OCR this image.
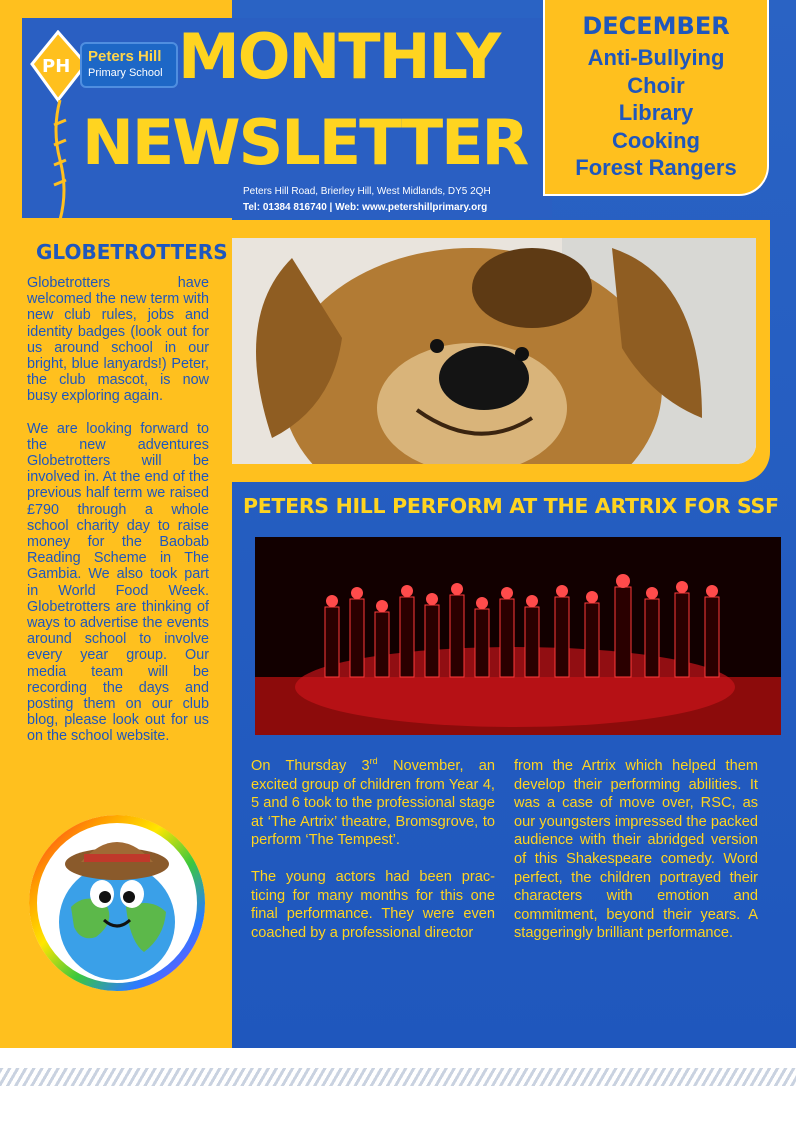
PH Peters Hill
Primary School MONTHLY
NEWSLETTER
Peters Hill Road, Brierley Hill, West Midlands, DY5 2QH
Tel: 01384 816740 | Web: www.petershillprimary.org
DECEMBER
Anti-Bullying
Choir
Library
Cooking
Forest Rangers
GLOBETROTTERS

Globetrotters have welcomed the new term with new club rules, jobs and identity badges (look out for us around school in our bright, blue lanyards!) Peter, the club mascot, is now busy exploring again.

We are looking forward to the new adventures Globetrotters will be involved in. At the end of the previous half term we raised £790 through a whole school charity day to raise money for the Baobab Reading Scheme in The Gambia. We also took part in World Food Week. Globetrotters are thinking of ways to advertise the events around school to involve every year group. Our media team will be recording the days and posting them on our club blog, please look out for us on the school website.

PETERS HILL PERFORM AT THE ARTRIX FOR SSF

On Thursday 3rd November, an excited group of children from Year 4, 5 and 6 took to the professional stage at ‘The Artrix’ theatre, Bromsgrove, to perform ‘The Tempest’.

The young actors had been prac-ticing for many months for this one final performance. They were even coached by a professional director

from the Artrix which helped them develop their performing abilities. It was a case of move over, RSC, as our youngsters impressed the packed audience with their abridged version of this Shakespeare comedy. Word perfect, the children portrayed their characters with emotion and commitment, beyond their years. A staggeringly brilliant performance.
